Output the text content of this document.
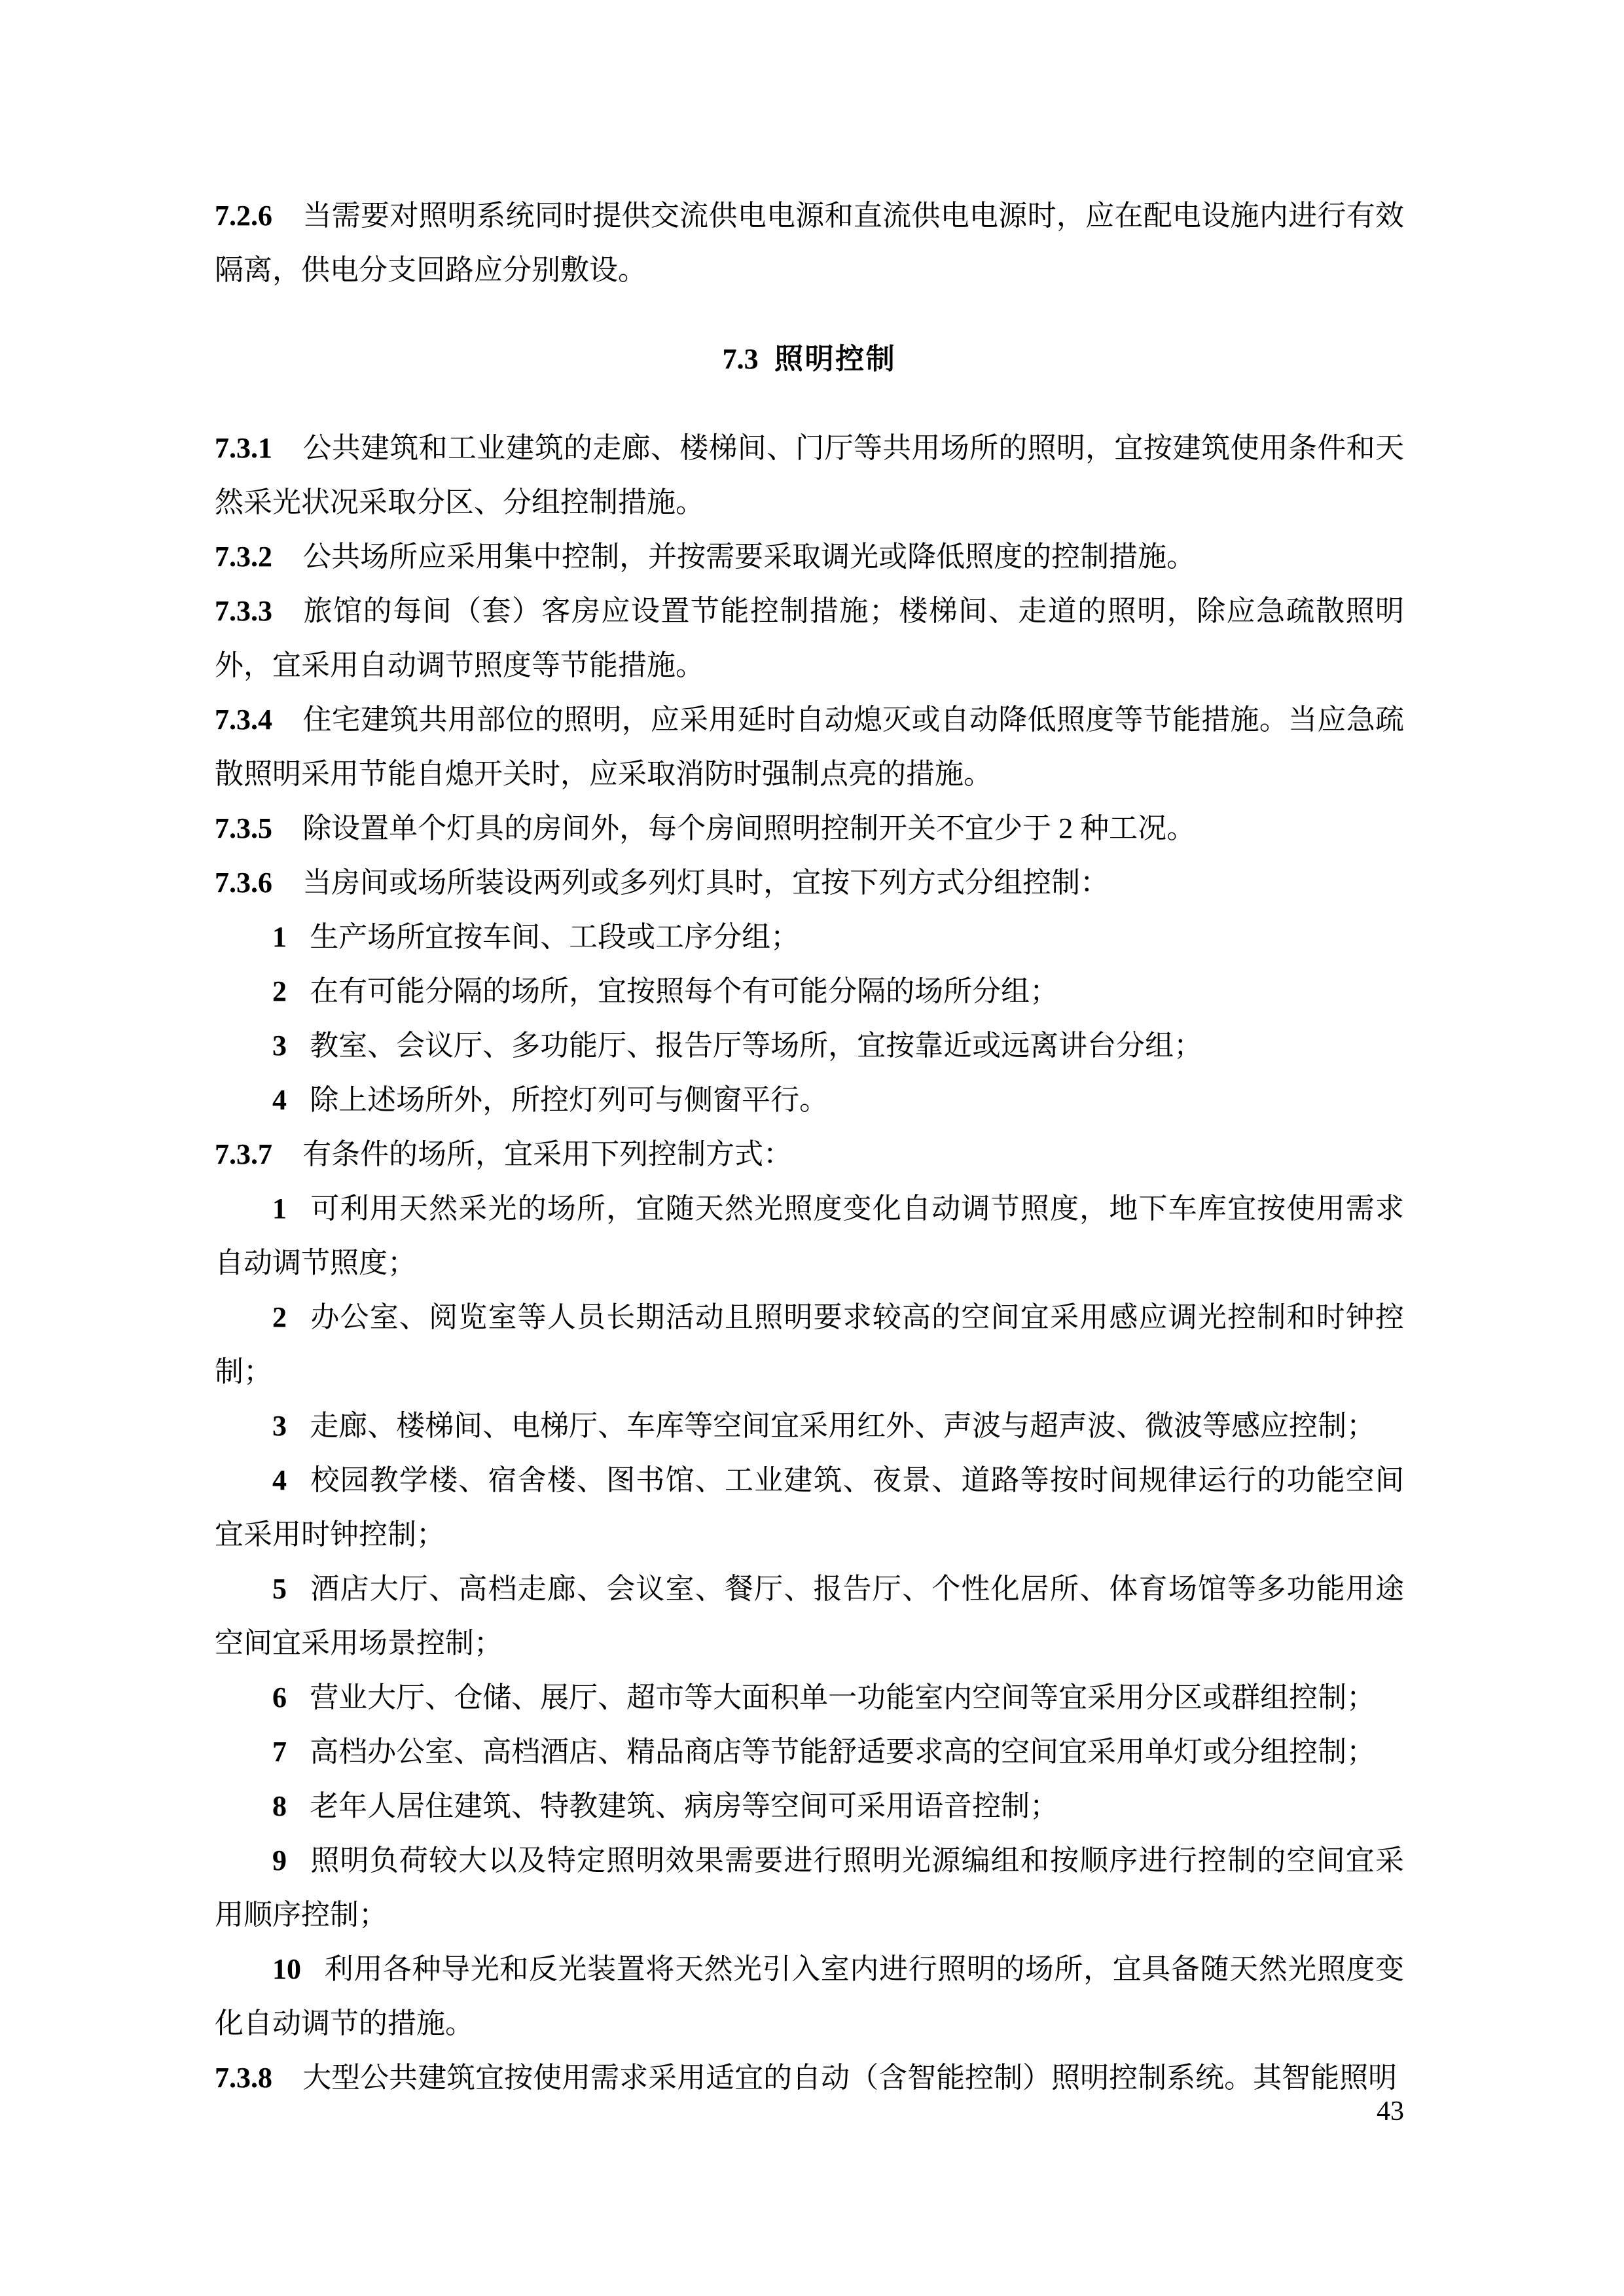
7.2.6 当需要对照明系统同时提供交流供电电源和直流供电电源时，应在配电设施内进行有效隔离，供电分支回路应分别敷设。

7.3 照明控制

7.3.1 公共建筑和工业建筑的走廊、楼梯间、门厅等共用场所的照明，宜按建筑使用条件和天然采光状况采取分区、分组控制措施。

7.3.2 公共场所应采用集中控制，并按需要采取调光或降低照度的控制措施。

7.3.3 旅馆的每间（套）客房应设置节能控制措施；楼梯间、走道的照明，除应急疏散照明外，宜采用自动调节照度等节能措施。

7.3.4 住宅建筑共用部位的照明，应采用延时自动熄灭或自动降低照度等节能措施。当应急疏散照明采用节能自熄开关时，应采取消防时强制点亮的措施。

7.3.5 除设置单个灯具的房间外，每个房间照明控制开关不宜少于 2 种工况。

7.3.6 当房间或场所装设两列或多列灯具时，宜按下列方式分组控制：

1 生产场所宜按车间、工段或工序分组；

2 在有可能分隔的场所，宜按照每个有可能分隔的场所分组；

3 教室、会议厅、多功能厅、报告厅等场所，宜按靠近或远离讲台分组；

4 除上述场所外，所控灯列可与侧窗平行。

7.3.7 有条件的场所，宜采用下列控制方式：

1 可利用天然采光的场所，宜随天然光照度变化自动调节照度，地下车库宜按使用需求自动调节照度；

2 办公室、阅览室等人员长期活动且照明要求较高的空间宜采用感应调光控制和时钟控制；

3 走廊、楼梯间、电梯厅、车库等空间宜采用红外、声波与超声波、微波等感应控制；

4 校园教学楼、宿舍楼、图书馆、工业建筑、夜景、道路等按时间规律运行的功能空间宜采用时钟控制；

5 酒店大厅、高档走廊、会议室、餐厅、报告厅、个性化居所、体育场馆等多功能用途空间宜采用场景控制；

6 营业大厅、仓储、展厅、超市等大面积单一功能室内空间等宜采用分区或群组控制；

7 高档办公室、高档酒店、精品商店等节能舒适要求高的空间宜采用单灯或分组控制；

8 老年人居住建筑、特教建筑、病房等空间可采用语音控制；

9 照明负荷较大以及特定照明效果需要进行照明光源编组和按顺序进行控制的空间宜采用顺序控制；

10 利用各种导光和反光装置将天然光引入室内进行照明的场所，宜具备随天然光照度变化自动调节的措施。

7.3.8 大型公共建筑宜按使用需求采用适宜的自动（含智能控制）照明控制系统。其智能照明

43
